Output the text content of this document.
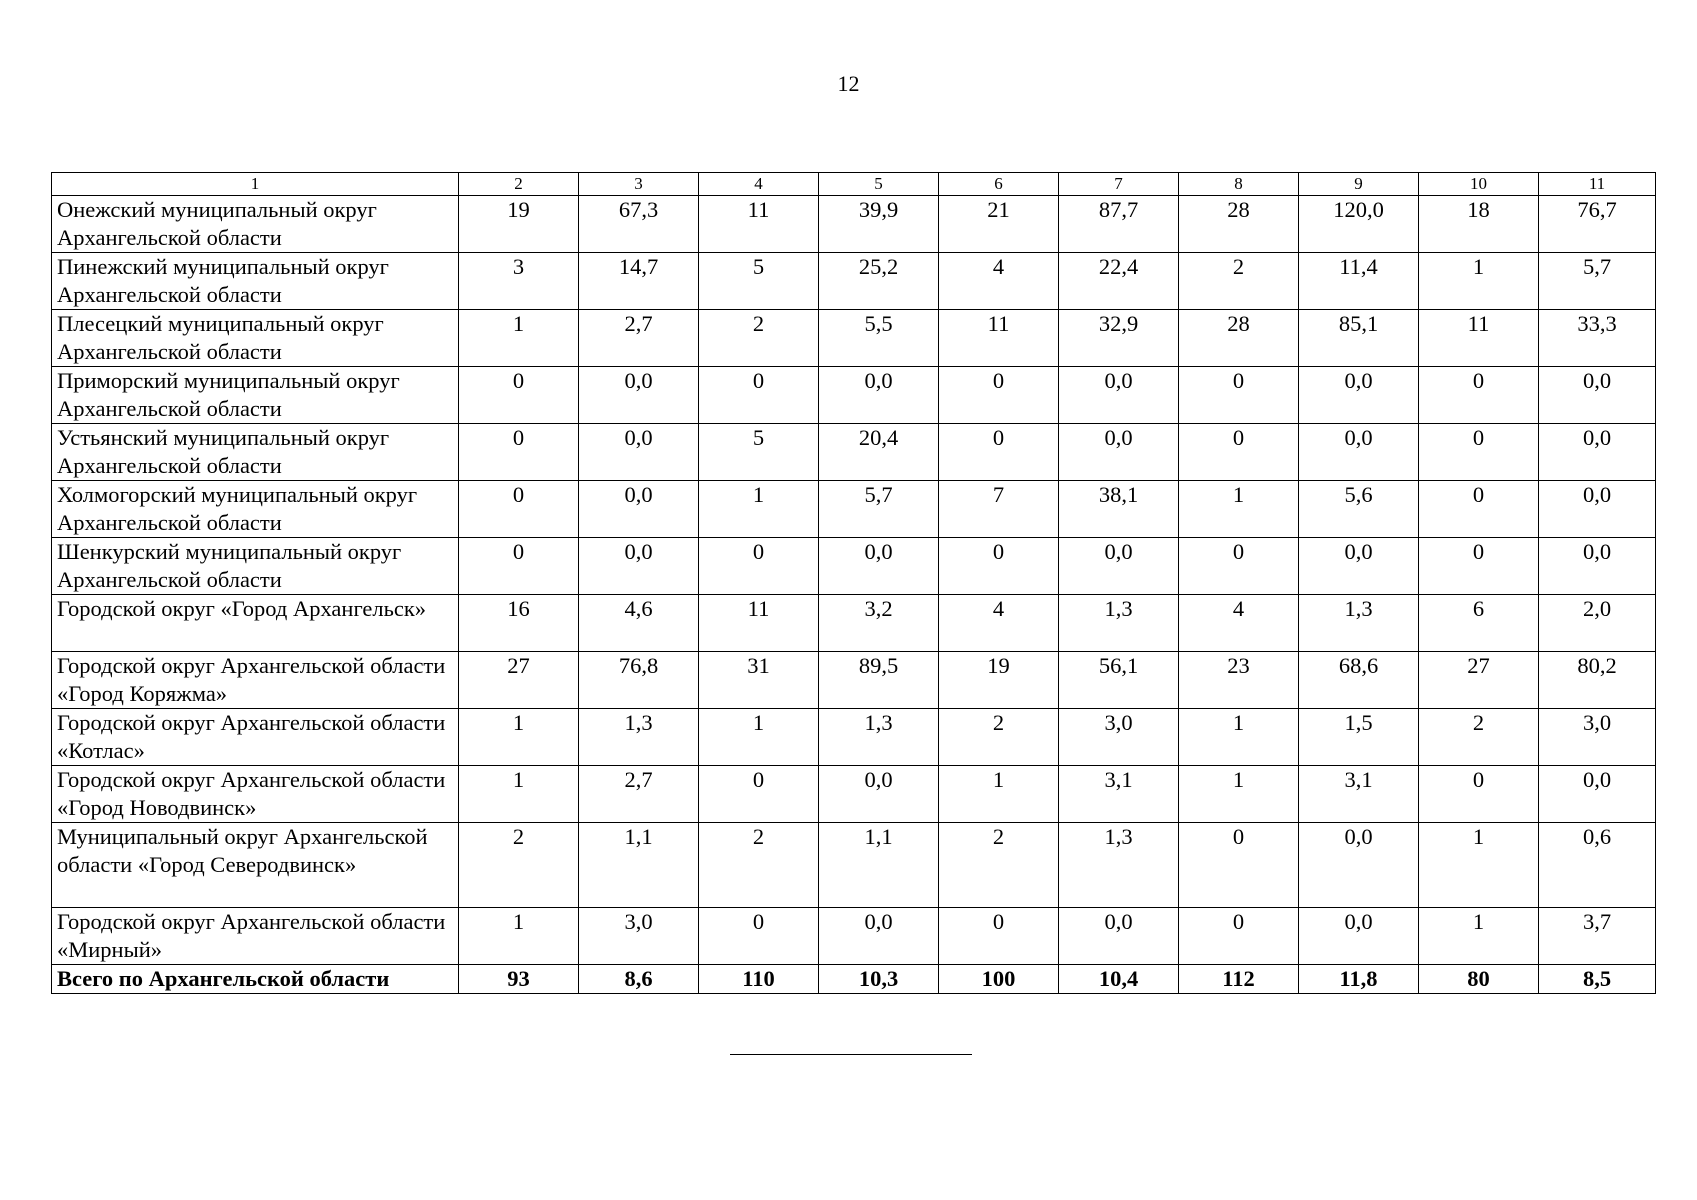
12
1	2	3	4	5	6	7	8	9	10	11
Онежский муниципальный округ Архангельской области	19	67,3	11	39,9	21	87,7	28	120,0	18	76,7
Пинежский муниципальный округ Архангельской области	3	14,7	5	25,2	4	22,4	2	11,4	1	5,7
Плесецкий муниципальный округ Архангельской области	1	2,7	2	5,5	11	32,9	28	85,1	11	33,3
Приморский муниципальный округ Архангельской области	0	0,0	0	0,0	0	0,0	0	0,0	0	0,0
Устьянский муниципальный округ Архангельской области	0	0,0	5	20,4	0	0,0	0	0,0	0	0,0
Холмогорский муниципальный округ Архангельской области	0	0,0	1	5,7	7	38,1	1	5,6	0	0,0
Шенкурский муниципальный округ Архангельской области	0	0,0	0	0,0	0	0,0	0	0,0	0	0,0
Городской округ «Город Архангельск»	16	4,6	11	3,2	4	1,3	4	1,3	6	2,0
Городской округ Архангельской области «Город Коряжма»	27	76,8	31	89,5	19	56,1	23	68,6	27	80,2
Городской округ Архангельской области «Котлас»	1	1,3	1	1,3	2	3,0	1	1,5	2	3,0
Городской округ Архангельской области «Город Новодвинск»	1	2,7	0	0,0	1	3,1	1	3,1	0	0,0
Муниципальный округ Архангельской области «Город Северодвинск»	2	1,1	2	1,1	2	1,3	0	0,0	1	0,6
Городской округ Архангельской области «Мирный»	1	3,0	0	0,0	0	0,0	0	0,0	1	3,7
Всего по Архангельской области	93	8,6	110	10,3	100	10,4	112	11,8	80	8,5
